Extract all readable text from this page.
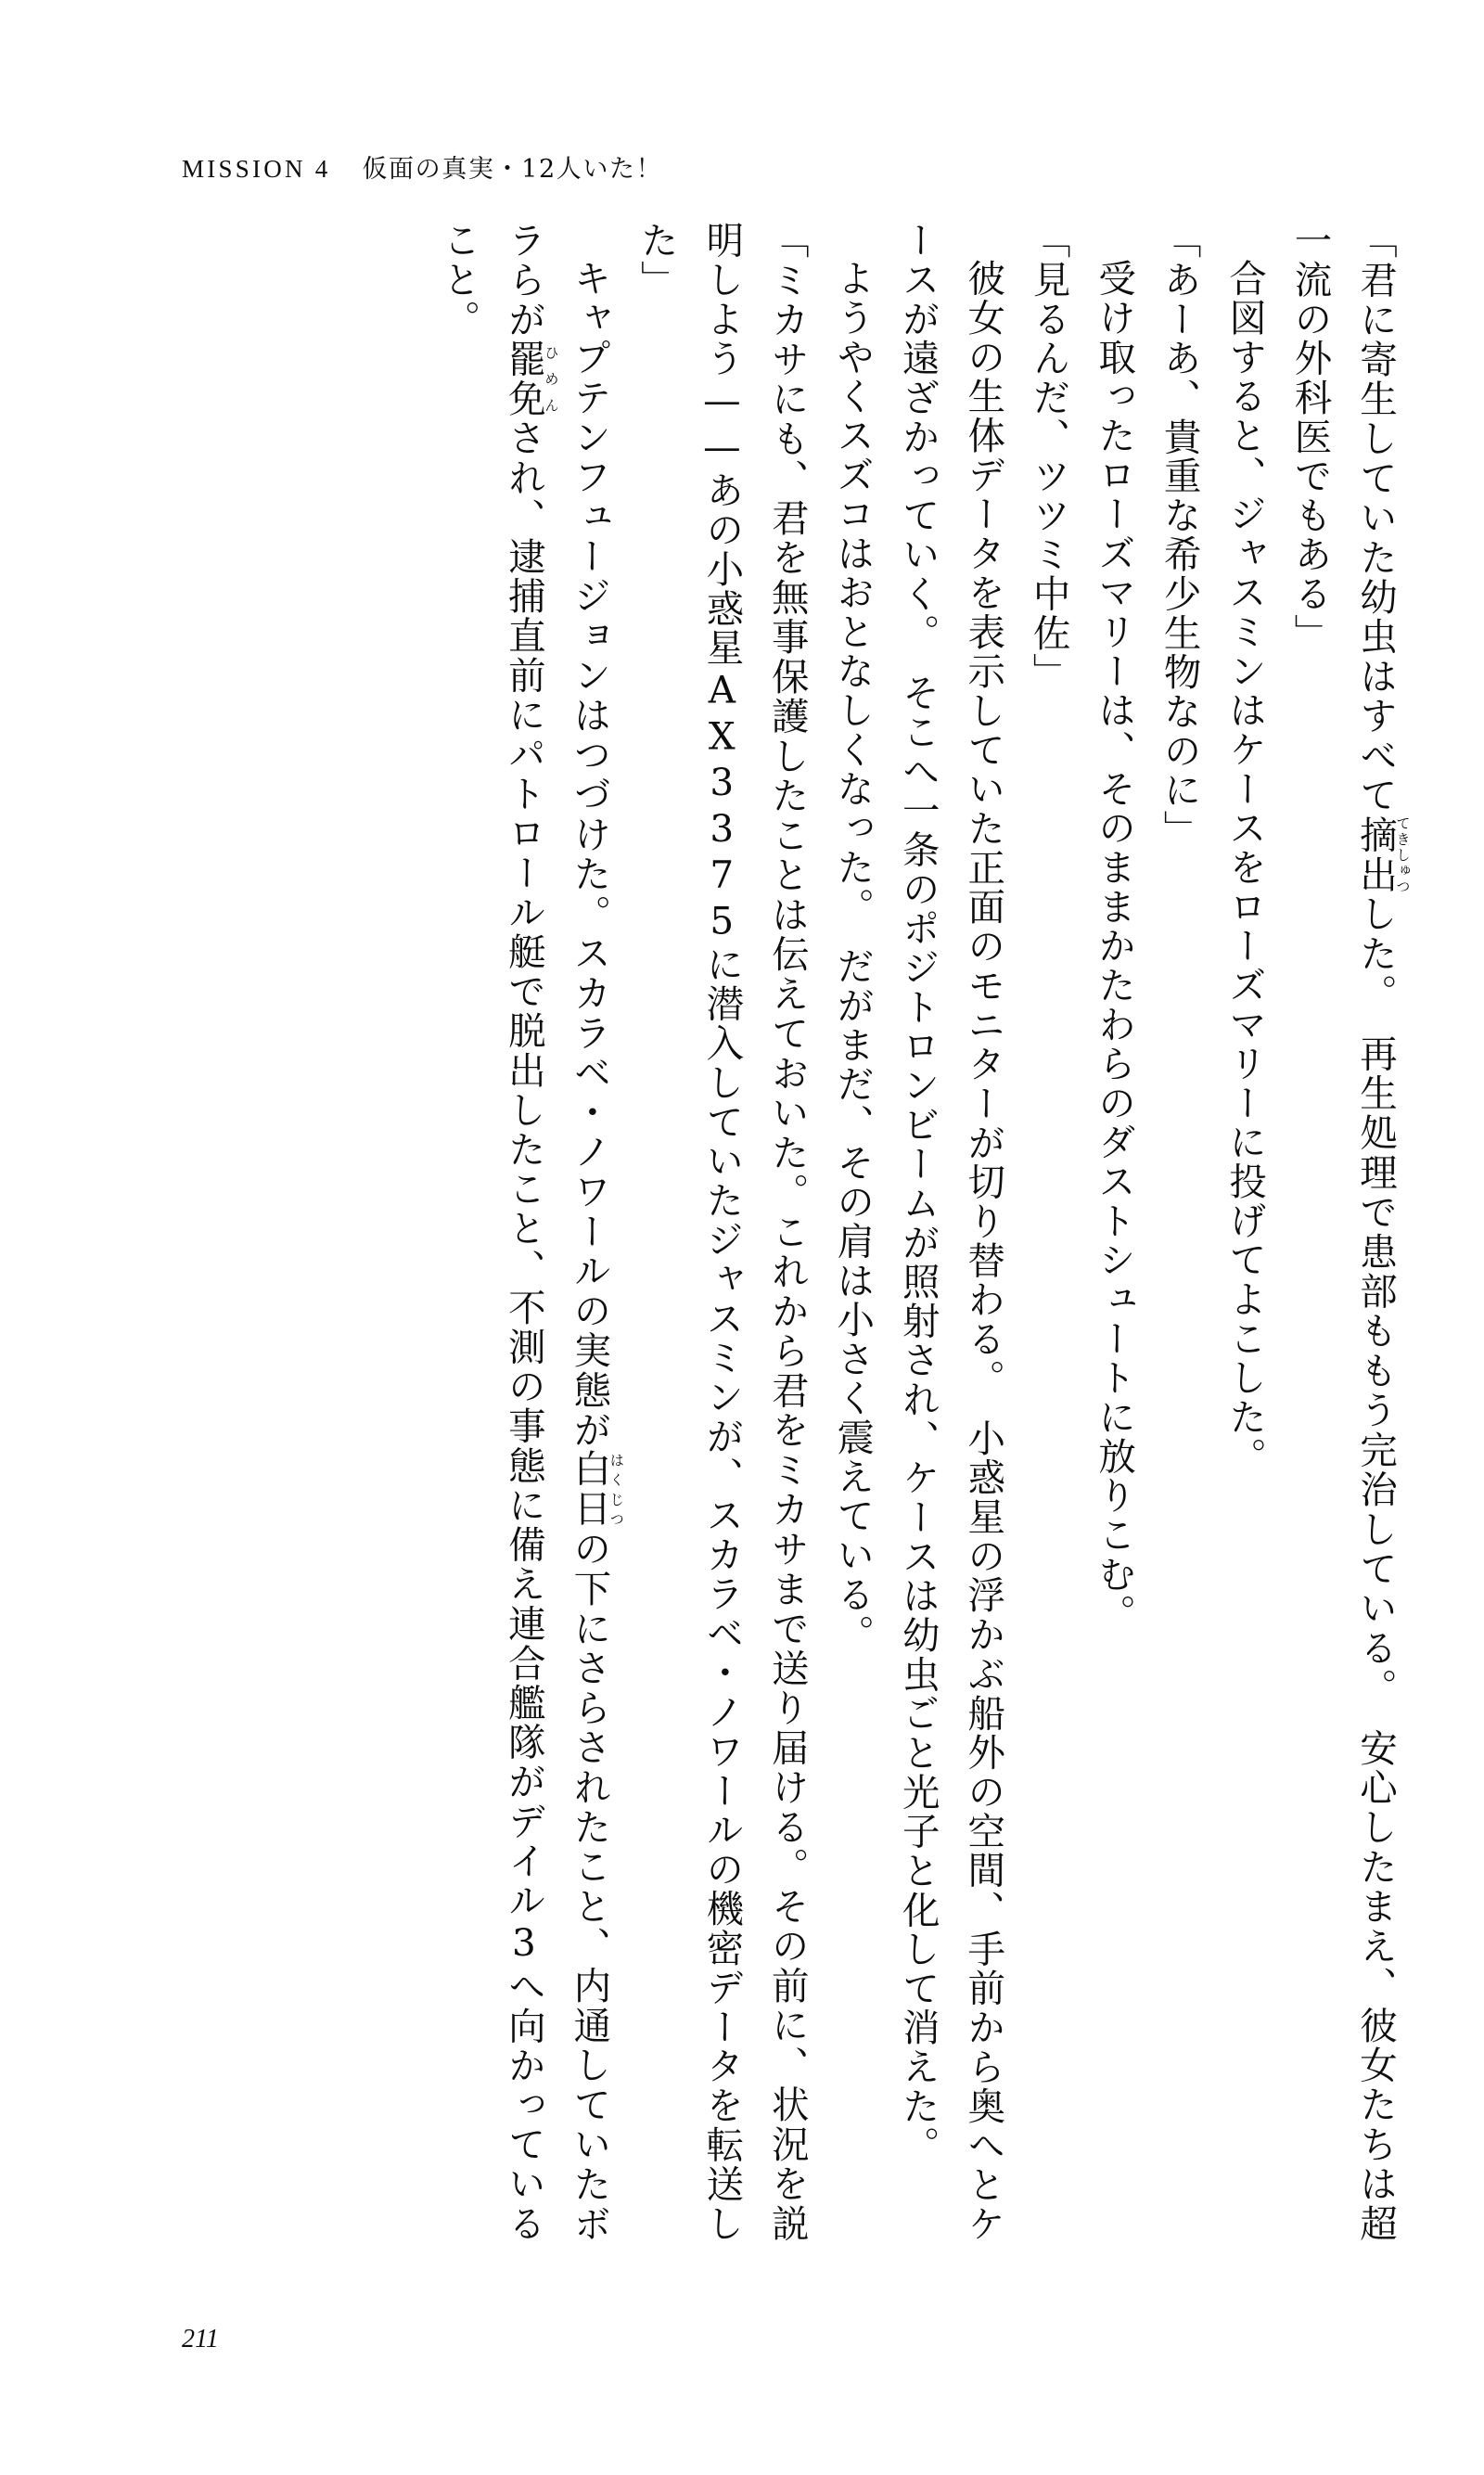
MISSION 4 仮面の真実・12人いた！

「君に寄生していた幼虫はすべて摘出てきしゅつした。　再生処理で患部ももう完治している。　安心したまえ、彼女たちは超一流の外科医でもある」

合図すると、ジャスミンはケースをローズマリーに投げてよこした。

「あーあ、貴重な希少生物なのに」

受け取ったローズマリーは、そのままかたわらのダストシュートに放りこむ。

「見るんだ、ツツミ中佐」

彼女の生体データを表示していた正面のモニターが切り替わる。　小惑星の浮かぶ船外の空間、手前から奥へとケースが遠ざかっていく。　そこへ一条のポジトロンビームが照射され、ケースは幼虫ごと光子と化して消えた。

ようやくスズコはおとなしくなった。　だがまだ、その肩は小さく震えている。

「ミカサにも、君を無事保護したことは伝えておいた。これから君をミカサまで送り届ける。その前に、状況を説明しよう——あの小惑星AX3375に潜入していたジャスミンが、スカラベ・ノワールの機密データを転送した」

キャプテンフュージョンはつづけた。スカラベ・ノワールの実態が白日はくじつの下にさらされたこと、内通していたボラらが罷免ひめんされ、逮捕直前にパトロール艇で脱出したこと、不測の事態に備え連合艦隊がデイル3へ向かっていること。

211
